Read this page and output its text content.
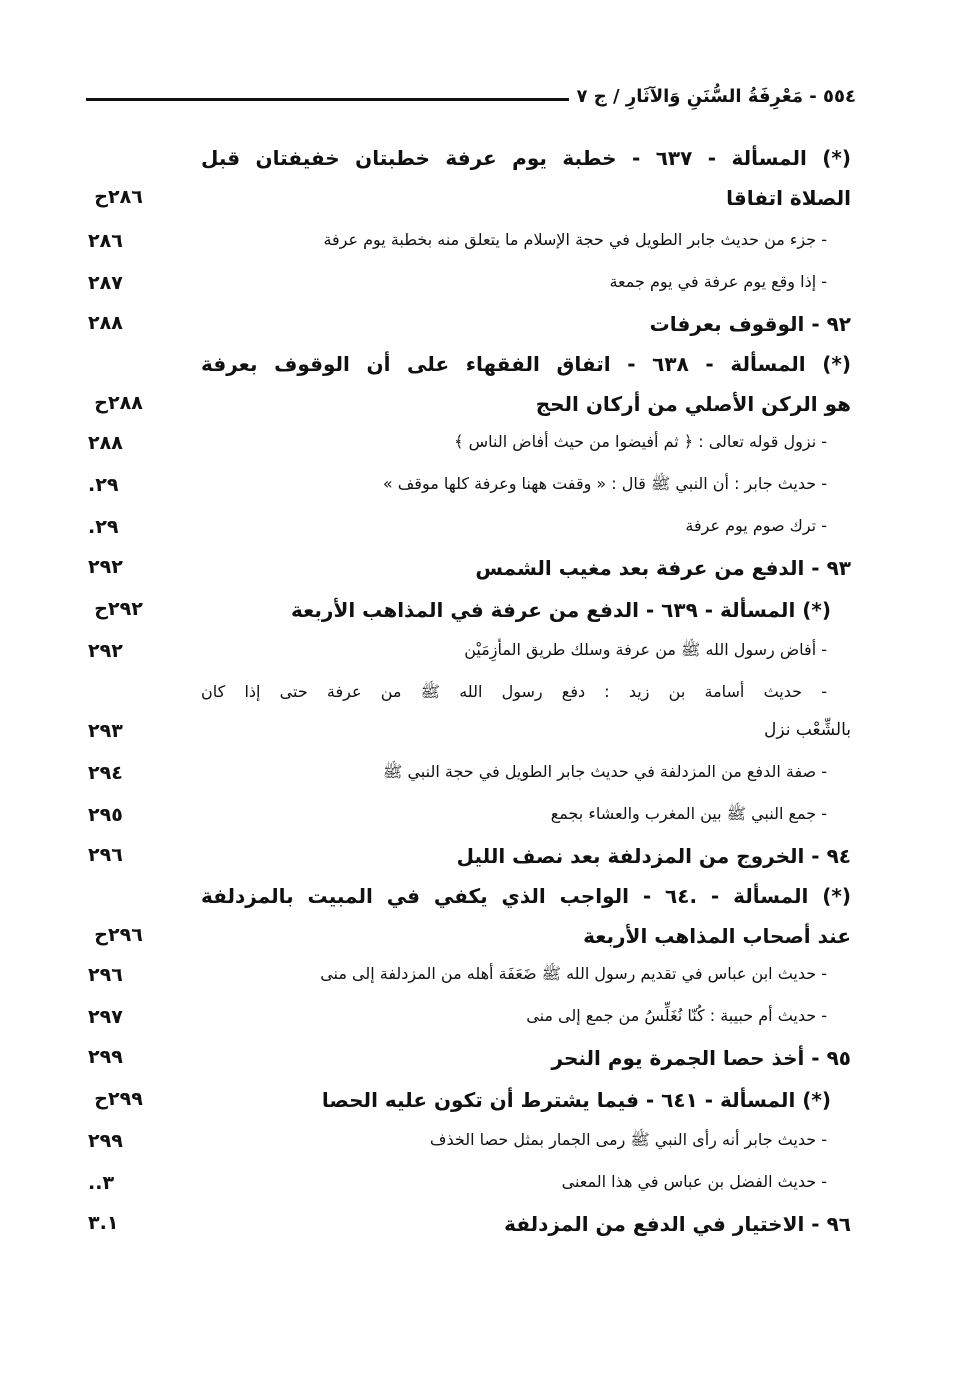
٥٥٤ - مَعْرِفَةُ السُّنَنِ وَالآثَارِ / ج ٧
(*) المسألة - ٦٣٧ - خطبة يوم عرفة خطبتان خفيفتان قبل
الصلاة اتفاقا
٢٨٦ح
- جزء من حديث جابر الطويل في حجة الإسلام ما يتعلق منه بخطبة يوم عرفة
٢٨٦
- إذا وقع يوم عرفة في يوم جمعة
٢٨٧
٩٢ - الوقوف بعرفات
٢٨٨
(*) المسألة - ٦٣٨ - اتفاق الفقهاء على أن الوقوف بعرفة
هو الركن الأصلي من أركان الحج
٢٨٨ح
- نزول قوله تعالى : ﴿ ثم أفيضوا من حيث أفاض الناس ﴾
٢٨٨
- حديث جابر : أن النبي ﷺ قال : « وقفت ههنا وعرفة كلها موقف »
٢٩.
- ترك صوم يوم عرفة
٢٩.
٩٣ - الدفع من عرفة بعد مغيب الشمس
٢٩٢
(*) المسألة - ٦٣٩ - الدفع من عرفة في المذاهب الأربعة
٢٩٢ح
- أفاض رسول الله ﷺ من عرفة وسلك طريق المأزِمَيْن
٢٩٢
- حديث أسامة بن زيد : دفع رسول الله ﷺ من عرفة حتى إذا كان
بالشِّعْب نزل
٢٩٣
- صفة الدفع من المزدلفة في حديث جابر الطويل في حجة النبي ﷺ
٢٩٤
- جمع النبي ﷺ بين المغرب والعشاء بجمع
٢٩٥
٩٤ - الخروج من المزدلفة بعد نصف الليل
٢٩٦
(*) المسألة - .٦٤ - الواجب الذي يكفي في المبيت بالمزدلفة
عند أصحاب المذاهب الأربعة
٢٩٦ح
- حديث ابن عباس في تقديم رسول الله ﷺ ضَعَفَة أهله من المزدلفة إلى منى
٢٩٦
- حديث أم حبيبة : كُنّا نُغَلِّسُ من جمع إلى منى
٢٩٧
٩٥ - أخذ حصا الجمرة يوم النحر
٢٩٩
(*) المسألة - ٦٤١ - فيما يشترط أن تكون عليه الحصا
٢٩٩ح
- حديث جابر أنه رأى النبي ﷺ رمى الجمار بمثل حصا الخذف
٢٩٩
- حديث الفضل بن عباس في هذا المعنى
٣..
٩٦ - الاختيار في الدفع من المزدلفة
٣.١
